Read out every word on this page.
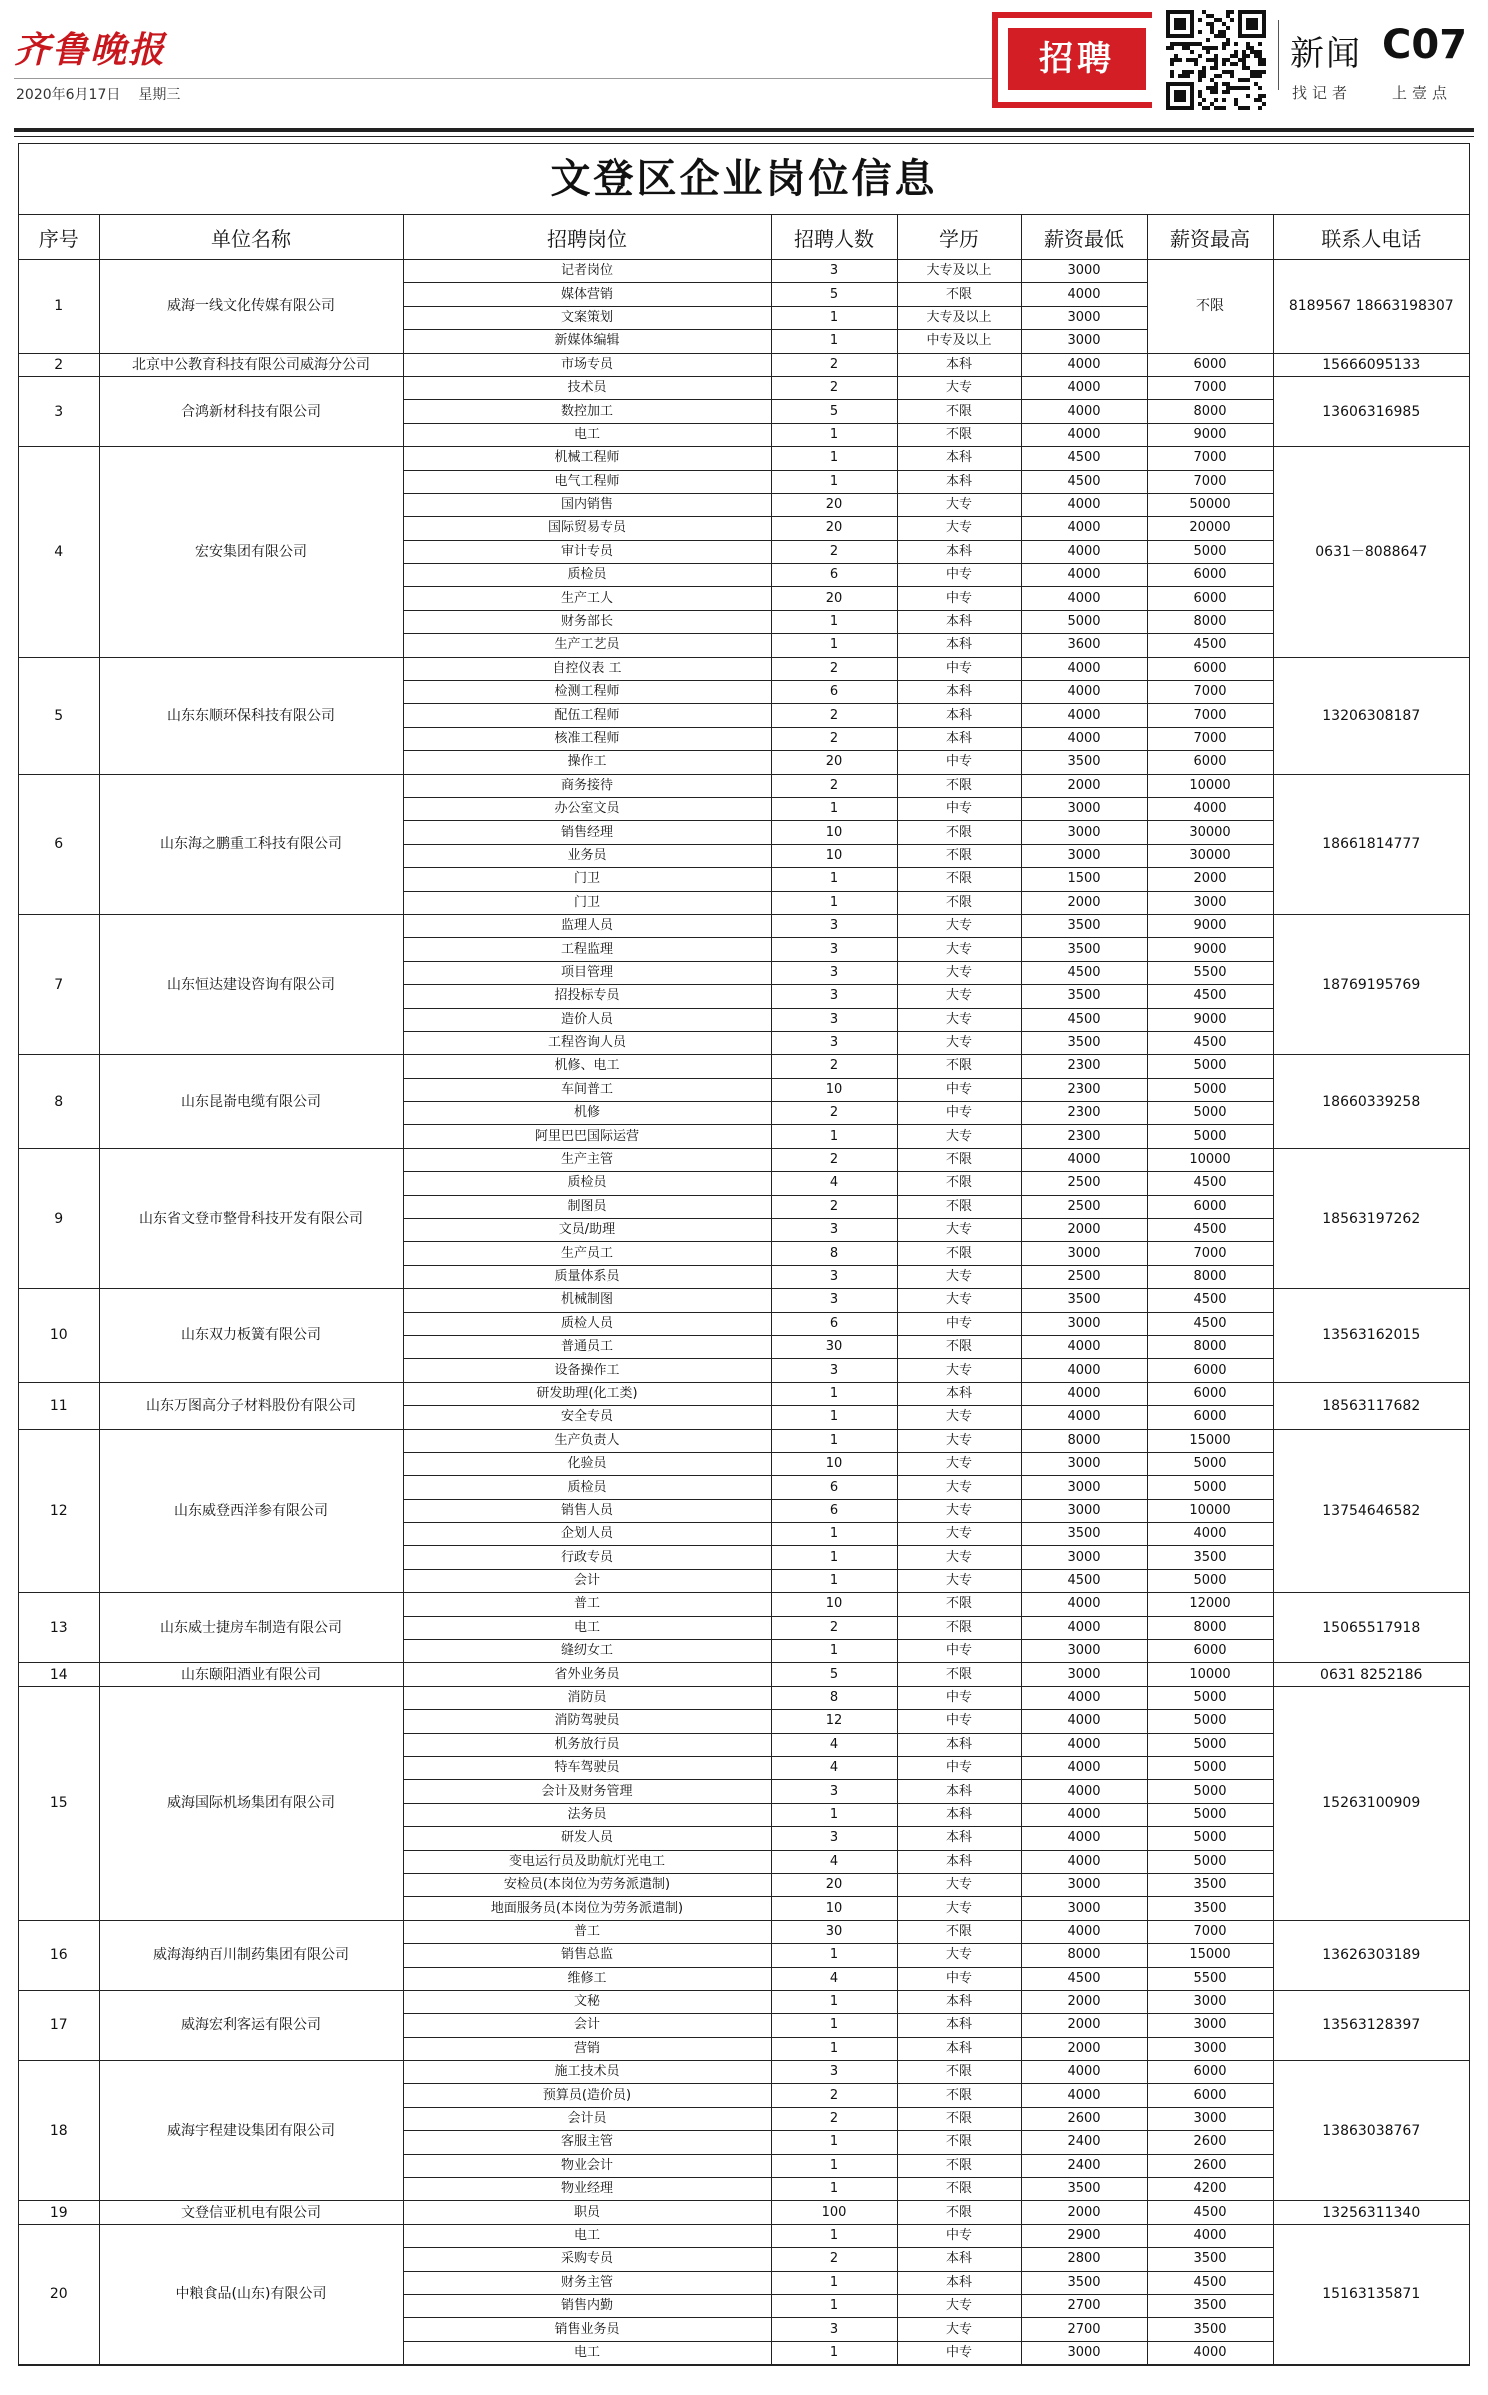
齐鲁晚报
2020年6月17日 星期三
招聘	新闻 C07
找记者	上壹点
文登区企业岗位信息
序号	单位名称	招聘岗位	招聘人数	学历	薪资最低	薪资最高	联系人电话
1	威海一线文化传媒有限公司	记者岗位	3	大专及以上	3000	不限	8189567 18663198307
		媒体营销	5	不限	4000		
		文案策划	1	大专及以上	3000		
		新媒体编辑	1	中专及以上	3000		
2	北京中公教育科技有限公司威海分公司	市场专员	2	本科	4000	6000	15666095133
3	合鸿新材科技有限公司	技术员	2	大专	4000	7000	13606316985
		数控加工	5	不限	4000	8000	
		电工	1	不限	4000	9000	
4	宏安集团有限公司	机械工程师	1	本科	4500	7000	0631－8088647
		电气工程师	1	本科	4500	7000	
		国内销售	20	大专	4000	50000	
		国际贸易专员	20	大专	4000	20000	
		审计专员	2	本科	4000	5000	
		质检员	6	中专	4000	6000	
		生产工人	20	中专	4000	6000	
		财务部长	1	本科	5000	8000	
		生产工艺员	1	本科	3600	4500	
5	山东东顺环保科技有限公司	自控仪表 工	2	中专	4000	6000	13206308187
		检测工程师	6	本科	4000	7000	
		配伍工程师	2	本科	4000	7000	
		核准工程师	2	本科	4000	7000	
		操作工	20	中专	3500	6000	
6	山东海之鹏重工科技有限公司	商务接待	2	不限	2000	10000	18661814777
		办公室文员	1	中专	3000	4000	
		销售经理	10	不限	3000	30000	
		业务员	10	不限	3000	30000	
		门卫	1	不限	1500	2000	
		门卫	1	不限	2000	3000	
7	山东恒达建设咨询有限公司	监理人员	3	大专	3500	9000	18769195769
		工程监理	3	大专	3500	9000	
		项目管理	3	大专	4500	5500	
		招投标专员	3	大专	3500	4500	
		造价人员	3	大专	4500	9000	
		工程咨询人员	3	大专	3500	4500	
8	山东昆嵛电缆有限公司	机修、电工	2	不限	2300	5000	18660339258
		车间普工	10	中专	2300	5000	
		机修	2	中专	2300	5000	
		阿里巴巴国际运营	1	大专	2300	5000	
9	山东省文登市整骨科技开发有限公司	生产主管	2	不限	4000	10000	18563197262
		质检员	4	不限	2500	4500	
		制图员	2	不限	2500	6000	
		文员/助理	3	大专	2000	4500	
		生产员工	8	不限	3000	7000	
		质量体系员	3	大专	2500	8000	
10	山东双力板簧有限公司	机械制图	3	大专	3500	4500	13563162015
		质检人员	6	中专	3000	4500	
		普通员工	30	不限	4000	8000	
		设备操作工	3	大专	4000	6000	
11	山东万图高分子材料股份有限公司	研发助理(化工类)	1	本科	4000	6000	18563117682
		安全专员	1	大专	4000	6000	
12	山东威登西洋参有限公司	生产负责人	1	大专	8000	15000	13754646582
		化验员	10	大专	3000	5000	
		质检员	6	大专	3000	5000	
		销售人员	6	大专	3000	10000	
		企划人员	1	大专	3500	4000	
		行政专员	1	大专	3000	3500	
		会计	1	大专	4500	5000	
13	山东威士捷房车制造有限公司	普工	10	不限	4000	12000	15065517918
		电工	2	不限	4000	8000	
		缝纫女工	1	中专	3000	6000	
14	山东颐阳酒业有限公司	省外业务员	5	不限	3000	10000	0631 8252186
15	威海国际机场集团有限公司	消防员	8	中专	4000	5000	15263100909
		消防驾驶员	12	中专	4000	5000	
		机务放行员	4	本科	4000	5000	
		特车驾驶员	4	中专	4000	5000	
		会计及财务管理	3	本科	4000	5000	
		法务员	1	本科	4000	5000	
		研发人员	3	本科	4000	5000	
		变电运行员及助航灯光电工	4	本科	4000	5000	
		安检员(本岗位为劳务派遣制)	20	大专	3000	3500	
		地面服务员(本岗位为劳务派遣制)	10	大专	3000	3500	
16	威海海纳百川制药集团有限公司	普工	30	不限	4000	7000	13626303189
		销售总监	1	大专	8000	15000	
		维修工	4	中专	4500	5500	
17	威海宏利客运有限公司	文秘	1	本科	2000	3000	13563128397
		会计	1	本科	2000	3000	
		营销	1	本科	2000	3000	
18	威海宇程建设集团有限公司	施工技术员	3	不限	4000	6000	13863038767
		预算员(造价员)	2	不限	4000	6000	
		会计员	2	不限	2600	3000	
		客服主管	1	不限	2400	2600	
		物业会计	1	不限	2400	2600	
		物业经理	1	不限	3500	4200	
19	文登信亚机电有限公司	职员	100	不限	2000	4500	13256311340
20	中粮食品(山东)有限公司	电工	1	中专	2900	4000	15163135871
		采购专员	2	本科	2800	3500	
		财务主管	1	本科	3500	4500	
		销售内勤	1	大专	2700	3500	
		销售业务员	3	大专	2700	3500	
		电工	1	中专	3000	4000	
